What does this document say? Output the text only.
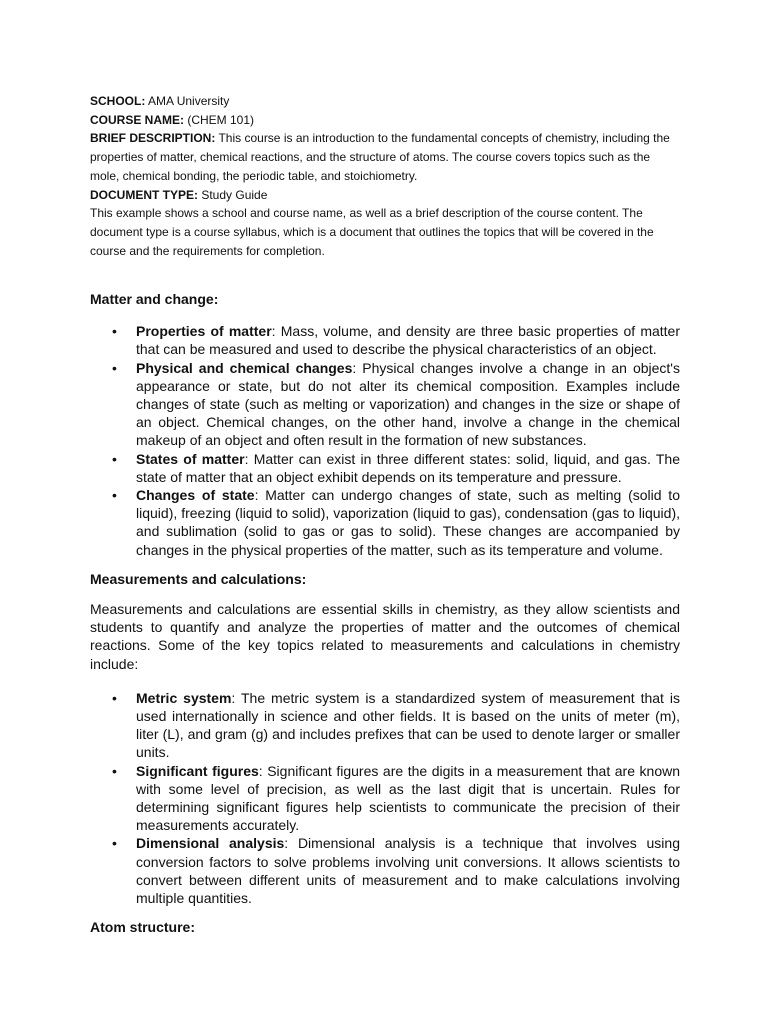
SCHOOL: AMA University

COURSE NAME: (CHEM 101)

BRIEF DESCRIPTION: This course is an introduction to the fundamental concepts of chemistry, including the properties of matter, chemical reactions, and the structure of atoms. The course covers topics such as the mole, chemical bonding, the periodic table, and stoichiometry.

DOCUMENT TYPE: Study Guide

This example shows a school and course name, as well as a brief description of the course content. The document type is a course syllabus, which is a document that outlines the topics that will be covered in the course and the requirements for completion.

Matter and change:

• Properties of matter: Mass, volume, and density are three basic properties of matter that can be measured and used to describe the physical characteristics of an object.
• Physical and chemical changes: Physical changes involve a change in an object's appearance or state, but do not alter its chemical composition. Examples include changes of state (such as melting or vaporization) and changes in the size or shape of an object. Chemical changes, on the other hand, involve a change in the chemical makeup of an object and often result in the formation of new substances.
• States of matter: Matter can exist in three different states: solid, liquid, and gas. The state of matter that an object exhibit depends on its temperature and pressure.
• Changes of state: Matter can undergo changes of state, such as melting (solid to liquid), freezing (liquid to solid), vaporization (liquid to gas), condensation (gas to liquid), and sublimation (solid to gas or gas to solid). These changes are accompanied by changes in the physical properties of the matter, such as its temperature and volume.

Measurements and calculations:

Measurements and calculations are essential skills in chemistry, as they allow scientists and students to quantify and analyze the properties of matter and the outcomes of chemical reactions. Some of the key topics related to measurements and calculations in chemistry include:

• Metric system: The metric system is a standardized system of measurement that is used internationally in science and other fields. It is based on the units of meter (m), liter (L), and gram (g) and includes prefixes that can be used to denote larger or smaller units.
• Significant figures: Significant figures are the digits in a measurement that are known with some level of precision, as well as the last digit that is uncertain. Rules for determining significant figures help scientists to communicate the precision of their measurements accurately.
• Dimensional analysis: Dimensional analysis is a technique that involves using conversion factors to solve problems involving unit conversions. It allows scientists to convert between different units of measurement and to make calculations involving multiple quantities.

Atom structure:
